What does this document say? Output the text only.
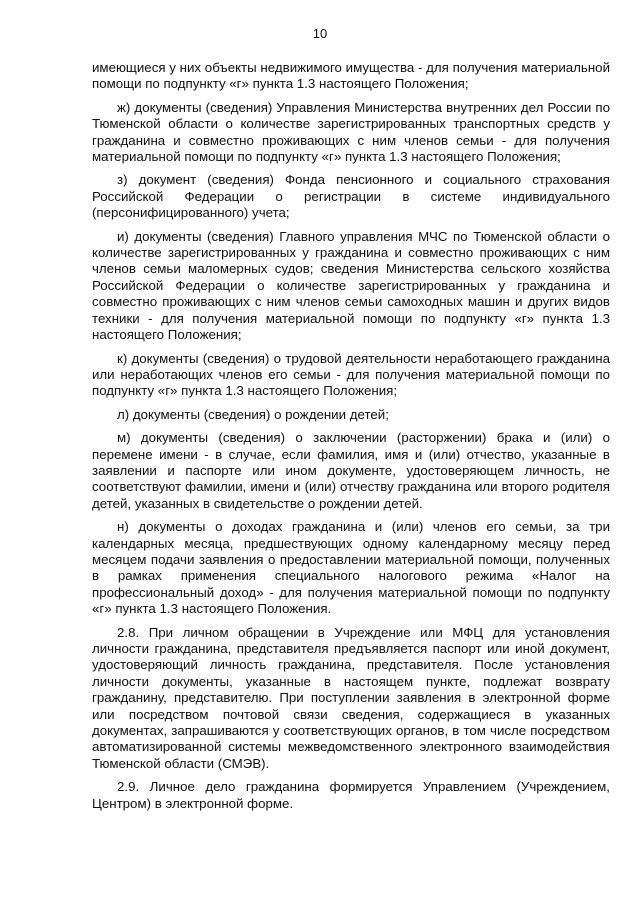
10

имеющиеся у них объекты недвижимого имущества - для получения материальной помощи по подпункту «г» пункта 1.3 настоящего Положения;

ж) документы (сведения) Управления Министерства внутренних дел России по Тюменской области о количестве зарегистрированных транспортных средств у гражданина и совместно проживающих с ним членов семьи - для получения материальной помощи по подпункту «г» пункта 1.3 настоящего Положения;

з) документ (сведения) Фонда пенсионного и социального страхования Российской Федерации о регистрации в системе индивидуального (персонифицированного) учета;

и) документы (сведения) Главного управления МЧС по Тюменской области о количестве зарегистрированных у гражданина и совместно проживающих с ним членов семьи маломерных судов; сведения Министерства сельского хозяйства Российской Федерации о количестве зарегистрированных у гражданина и совместно проживающих с ним членов семьи самоходных машин и других видов техники - для получения материальной помощи по подпункту «г» пункта 1.3 настоящего Положения;

к) документы (сведения) о трудовой деятельности неработающего гражданина или неработающих членов его семьи - для получения материальной помощи по подпункту «г» пункта 1.3 настоящего Положения;

л) документы (сведения) о рождении детей;

м) документы (сведения) о заключении (расторжении) брака и (или) о перемене имени - в случае, если фамилия, имя и (или) отчество, указанные в заявлении и паспорте или ином документе, удостоверяющем личность, не соответствуют фамилии, имени и (или) отчеству гражданина или второго родителя детей, указанных в свидетельстве о рождении детей.

н) документы о доходах гражданина и (или) членов его семьи, за три календарных месяца, предшествующих одному календарному месяцу перед месяцем подачи заявления о предоставлении материальной помощи, полученных в рамках применения специального налогового режима «Налог на профессиональный доход» - для получения материальной помощи по подпункту «г» пункта 1.3 настоящего Положения.

2.8. При личном обращении в Учреждение или МФЦ для установления личности гражданина, представителя предъявляется паспорт или иной документ, удостоверяющий личность гражданина, представителя. После установления личности документы, указанные в настоящем пункте, подлежат возврату гражданину, представителю. При поступлении заявления в электронной форме или посредством почтовой связи сведения, содержащиеся в указанных документах, запрашиваются у соответствующих органов, в том числе посредством автоматизированной системы межведомственного электронного взаимодействия Тюменской области (СМЭВ).

2.9. Личное дело гражданина формируется Управлением (Учреждением, Центром) в электронной форме.
